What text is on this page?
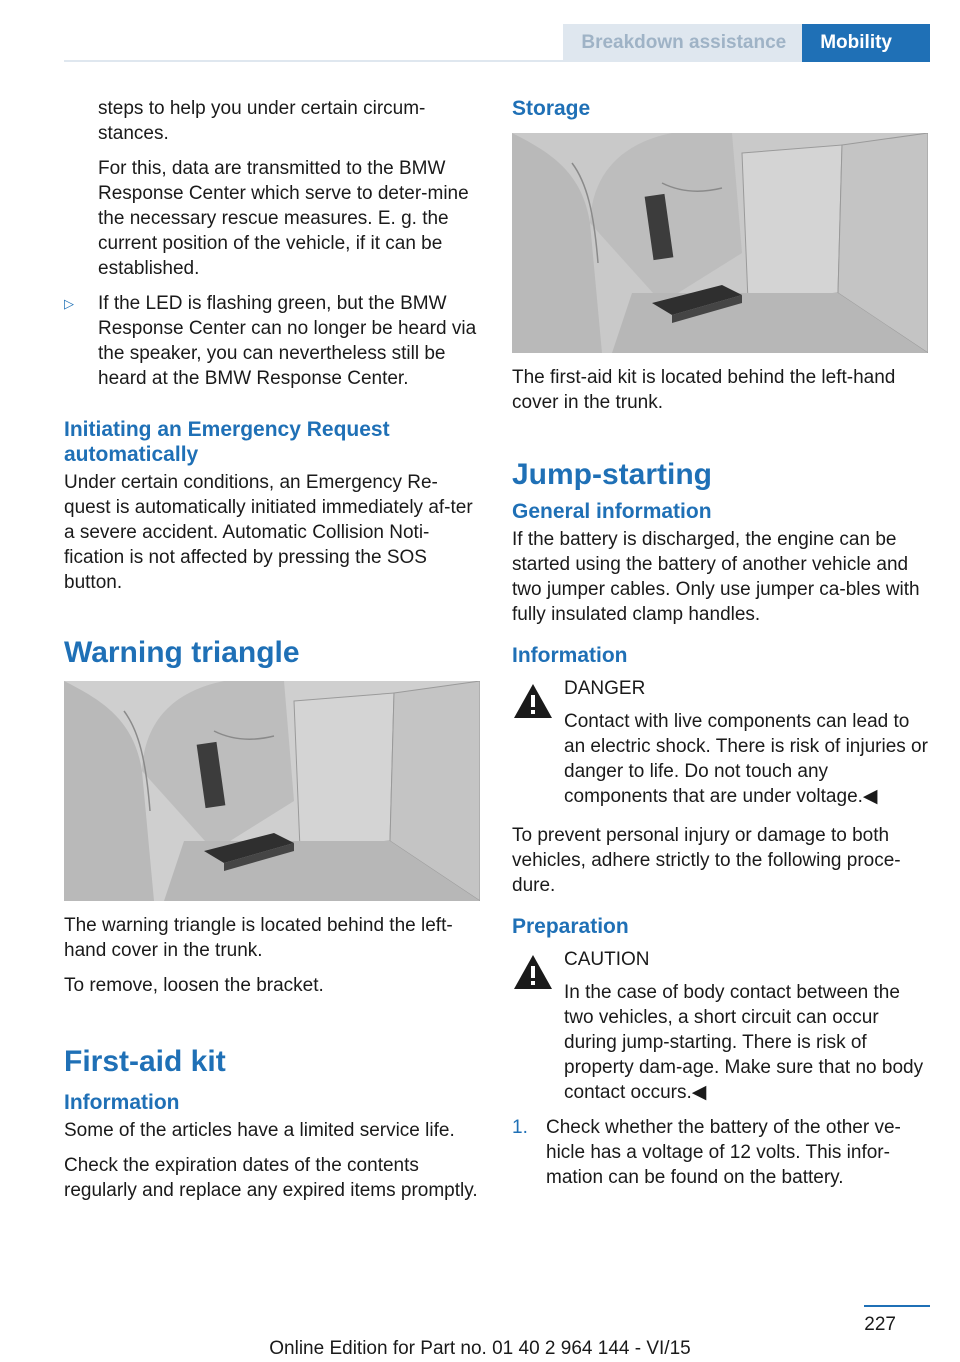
Breakdown assistance	Mobility

steps to help you under certain circum‐stances.

For this, data are transmitted to the BMW Response Center which serve to deter‐mine the necessary rescue measures. E. g. the current position of the vehicle, if it can be established.

▷	If the LED is flashing green, but the BMW Response Center can no longer be heard via the speaker, you can nevertheless still be heard at the BMW Response Center.
Initiating an Emergency Request automatically

Under certain conditions, an Emergency Re‐quest is automatically initiated immediately af‐ter a severe accident. Automatic Collision Noti‐fication is not affected by pressing the SOS button.

Warning triangle

The warning triangle is located behind the left-hand cover in the trunk.

To remove, loosen the bracket.

First-aid kit
Information

Some of the articles have a limited service life.

Check the expiration dates of the contents regularly and replace any expired items promptly.

Storage

The first-aid kit is located behind the left-hand cover in the trunk.

Jump-starting
General information

If the battery is discharged, the engine can be started using the battery of another vehicle and two jumper cables. Only use jumper ca‐bles with fully insulated clamp handles.

Information
DANGER
Contact with live components can lead to an electric shock. There is risk of injuries or danger to life. Do not touch any components that are under voltage.◀

To prevent personal injury or damage to both vehicles, adhere strictly to the following proce‐dure.

Preparation
CAUTION
In the case of body contact between the two vehicles, a short circuit can occur during jump-starting. There is risk of property dam‐age. Make sure that no body contact occurs.◀
1. Check whether the battery of the other ve‐hicle has a voltage of 12 volts. This infor‐mation can be found on the battery.
227
Online Edition for Part no. 01 40 2 964 144 - VI/15
